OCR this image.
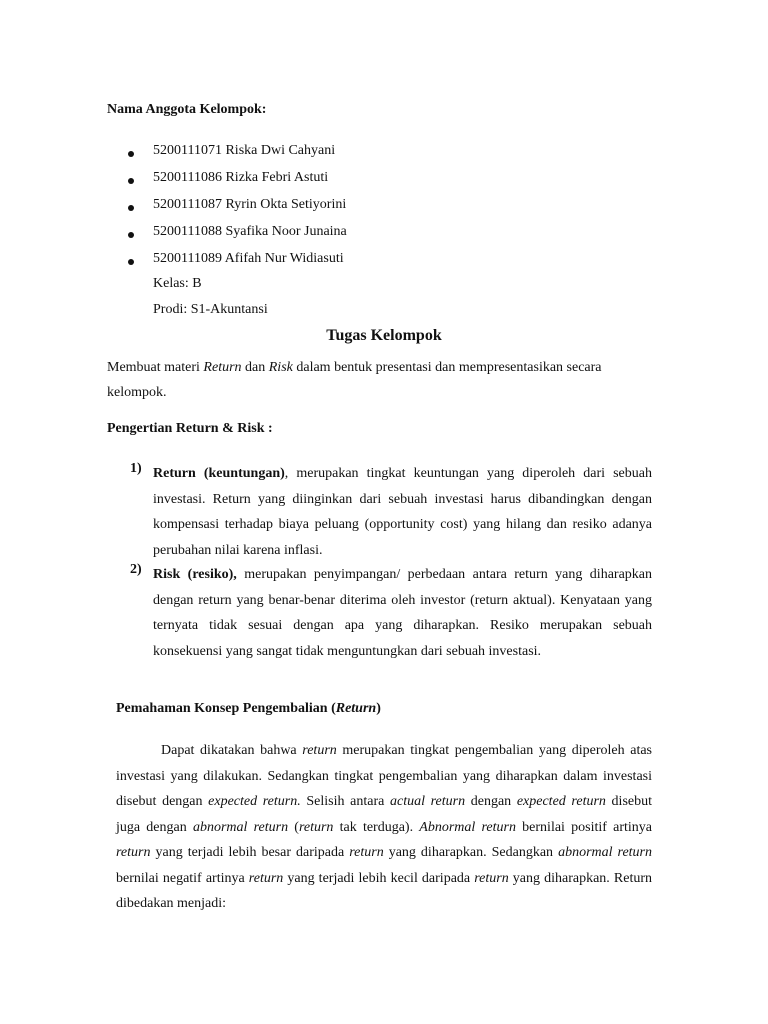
Nama Anggota Kelompok:

5200111071 Riska Dwi Cahyani
5200111086 Rizka Febri Astuti
5200111087 Ryrin Okta Setiyorini
5200111088 Syafika Noor Junaina
5200111089 Afifah Nur Widiasuti

Kelas: B

Prodi: S1-Akuntansi

Tugas Kelompok

Membuat materi Return dan Risk dalam bentuk presentasi dan mempresentasikan secara kelompok.

Pengertian Return & Risk :

1) Return (keuntungan), merupakan tingkat keuntungan yang diperoleh dari sebuah investasi. Return yang diinginkan dari sebuah investasi harus dibandingkan dengan kompensasi terhadap biaya peluang (opportunity cost) yang hilang dan resiko adanya perubahan nilai karena inflasi.

2) Risk (resiko), merupakan penyimpangan/ perbedaan antara return yang diharapkan dengan return yang benar-benar diterima oleh investor (return aktual). Kenyataan yang ternyata tidak sesuai dengan apa yang diharapkan. Resiko merupakan sebuah konsekuensi yang sangat tidak menguntungkan dari sebuah investasi.

Pemahaman Konsep Pengembalian (Return)

Dapat dikatakan bahwa return merupakan tingkat pengembalian yang diperoleh atas investasi yang dilakukan. Sedangkan tingkat pengembalian yang diharapkan dalam investasi disebut dengan expected return. Selisih antara actual return dengan expected return disebut juga dengan abnormal return (return tak terduga). Abnormal return bernilai positif artinya return yang terjadi lebih besar daripada return yang diharapkan. Sedangkan abnormal return bernilai negatif artinya return yang terjadi lebih kecil daripada return yang diharapkan. Return dibedakan menjadi:
